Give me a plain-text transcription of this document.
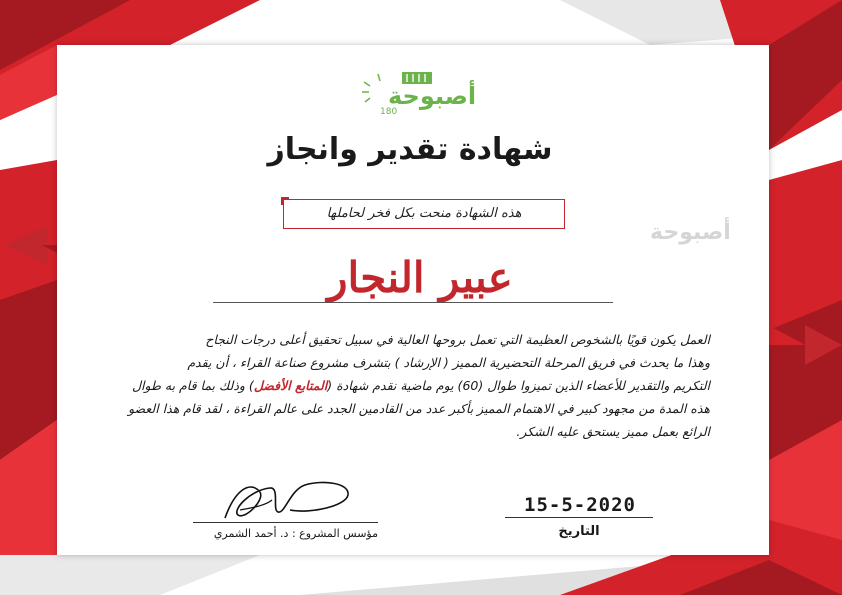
أصبوحة
180
أصبوحة
شهادة تقدير وانجاز
هذه الشهادة منحت بكل فخر لحاملها
عبير النجار

العمل يكون قويًا بالشخوص العظيمة التي تعمل بروحها العالية في سبيل تحقيق أعلى درجات النجاح

وهذا ما يحدث في فريق المرحلة التحضيرية المميز ( الإرشاد ) بتشرف مشروع صناعة القراء ، أن يقدم

التكريم والتقدير للأعضاء الذين تميزوا طوال (60) يوم ماضية نقدم شهادة (المتابع الأفضل) وذلك بما قام به طوال

هذه المدة من مجهود كبير في الاهتمام المميز بأكبر عدد من القادمين الجدد على عالم القراءة ، لقد قام هذا العضو

الرائع بعمل مميز يستحق عليه الشكر.

مؤسس المشروع : د. أحمد الشمري
15-5-2020
التاريخ
